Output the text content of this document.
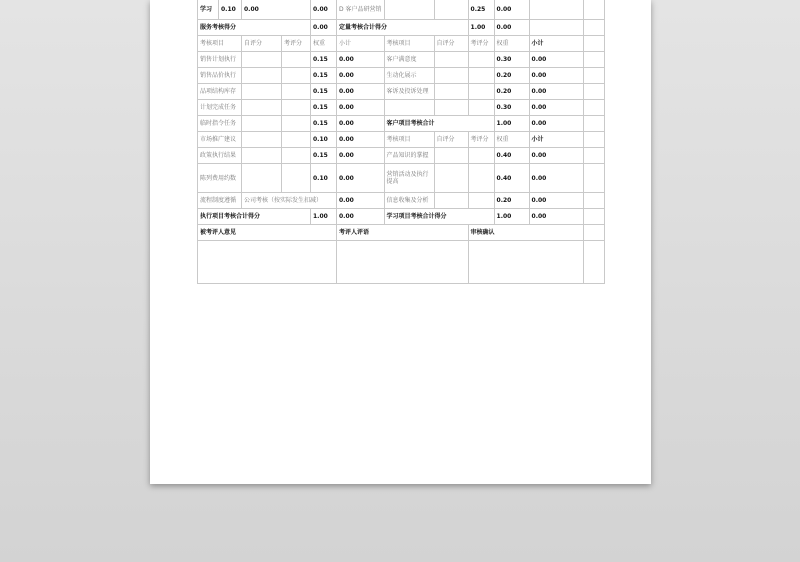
学习	0.10	0.00		0.00	D 客户品研营销			0.25	0.00		
服务考核得分				0.00	定量考核合计得分			1.00	0.00		
考核项目		自评分	考评分	权重	小计	考核项目	自评分	考评分	权重	小计	
销售计划执行				0.15	0.00	客户满意度			0.30	0.00	
销售品价执行				0.15	0.00	生动化展示			0.20	0.00	
品项结构库存				0.15	0.00	客诉及投诉处理			0.20	0.00	
计划完成任务				0.15	0.00				0.30	0.00	
临时指令任务				0.15	0.00	客户项目考核合计			1.00	0.00	
市场推广建议				0.10	0.00	考核项目	自评分	考评分	权重	小计	
政策执行结果				0.15	0.00	产品知识的掌握			0.40	0.00	
陈列费用约数				0.10	0.00	营销活动及执行提高			0.40	0.00	
流程制度遵循		公司考核（按实际发生扣减）			0.00	信息收集及分析			0.20	0.00	
执行项目考核合计得分				1.00	0.00	学习项目考核合计得分			1.00	0.00	
被考评人意见					考评人评语			审核确认			
